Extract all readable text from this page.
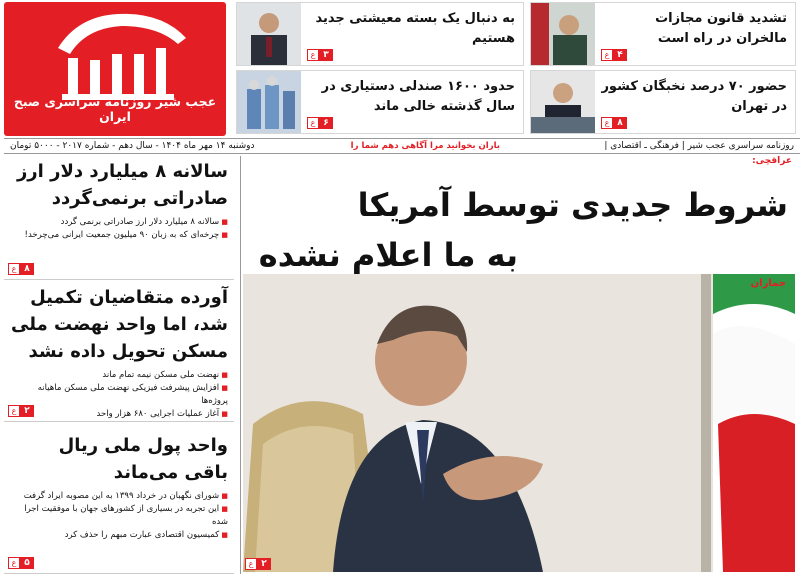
عجب شیر روزنامه سراسری صبح ایران
تشدید قانون مجازات مالخران در راه است
ع ۴
به دنبال یک بسته معیشتی جدید هستیم
ع ۳
حضور ۷۰ درصد نخبگان کشور در تهران
ع ۸
حدود ۱۶۰۰ صندلی دستیاری در سال گذشته خالی ماند
ع ۶
روزنامه سراسری عجب شیر | فرهنگی ـ اقتصادی |
باران بخوانید مرا آگاهی دهم شما را
دوشنبه ۱۴ مهر ماه ۱۴۰۴ - سال دهم - شماره ۲۰۱۷ - ۵۰۰۰ تومان
سالانه ۸ میلیارد دلار ارز صادراتی برنمی‌گردد
■ سالانه ۸ میلیارد دلار ارز صادراتی برنمی گردد
■ چرخه‌ای که به زبان ۹۰ میلیون جمعیت ایرانی می‌چرخد!
ع ۸
آورده متقاضیان تکمیل شد، اما واحد نهضت ملی مسکن تحویل داده نشد
■ نهضت ملی مسکن نیمه تمام ماند
■ افزایش پیشرفت فیزیکی نهضت ملی مسکن ماهیانه پروژه‌ها
■ آغاز عملیات اجرایی ۶۸۰ هزار واحد
ع ۲
واحد پول ملی ریال باقی می‌ماند
■ شورای نگهبان در خرداد ۱۳۹۹ به این مصوبه ایراد گرفت
■ این تجربه در بسیاری از کشورهای جهان با موفقیت اجرا شده
■ کمیسیون اقتصادی عبارت مبهم را حذف کرد
ع ۵
عراقچی:
شروط جدیدی توسط آمریکا
به ما اعلام نشده
جماران
ع ۲
